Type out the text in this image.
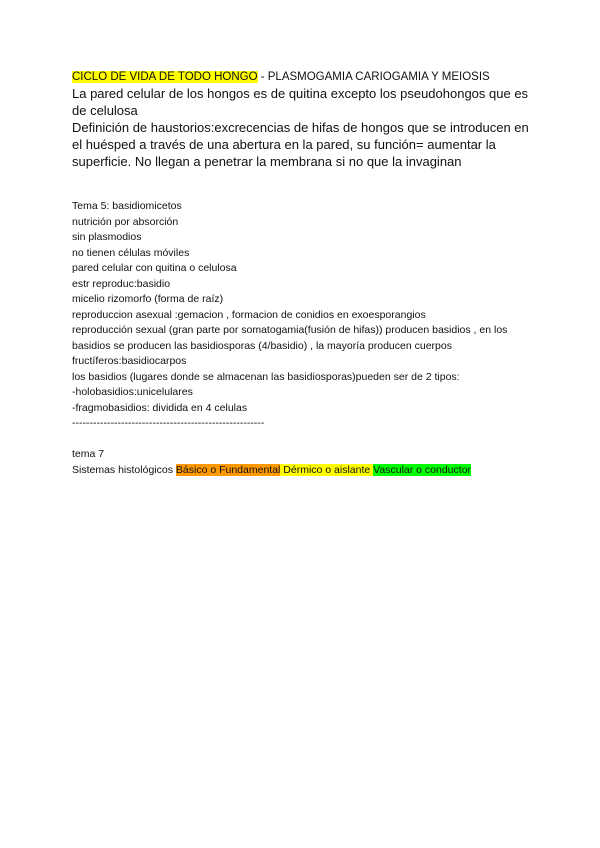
CICLO DE VIDA DE TODO HONGO - PLASMOGAMIA CARIOGAMIA Y MEIOSIS
La pared celular de los hongos es de quitina excepto los pseudohongos que es de celulosa
Definición de haustorios:excrecencias de hifas de hongos que se introducen en el huésped a través de una abertura en la pared, su función= aumentar la superficie. No llegan a penetrar la membrana si no que la invaginan
Tema 5: basidiomicetos
nutrición por absorción
sin plasmodios
no tienen células móviles
pared celular con quitina o celulosa
estr reproduc:basidio
micelio rizomorfo (forma de raíz)
reproduccion asexual :gemacion , formacion de conidios en exoesporangios
reproducción sexual (gran parte por somatogamia(fusión de hifas)) producen basidios , en los basidios se producen las basidiosporas (4/basidio) , la mayoría producen cuerpos fructíferos:basidiocarpos
los basidios (lugares donde se almacenan las basidiosporas)pueden ser de 2 tipos:
-holobasidios:unicelulares
-fragmobasidios: dividida en 4 celulas
-------------------------------------------------------
tema 7
Sistemas histológicos Básico o Fundamental Dérmico o aislante Vascular o conductor
